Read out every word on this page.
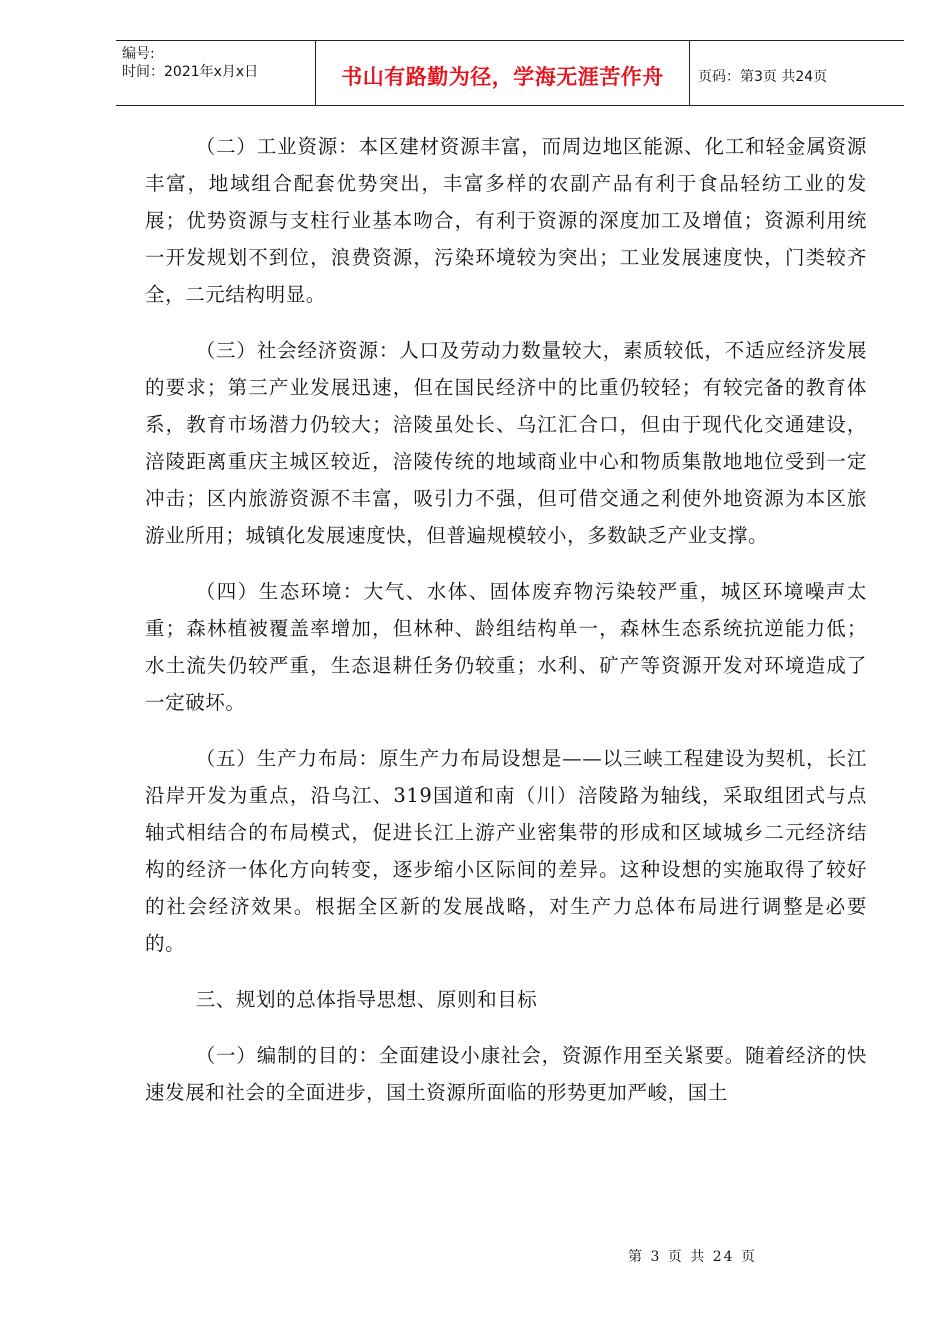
编号:
时间：2021年x月x日	书山有路勤为径，学海无涯苦作舟	页码：第3页 共24页

（二）工业资源：本区建材资源丰富，而周边地区能源、化工和轻金属资源丰富，地域组合配套优势突出，丰富多样的农副产品有利于食品轻纺工业的发展；优势资源与支柱行业基本吻合，有利于资源的深度加工及增值；资源利用统一开发规划不到位，浪费资源，污染环境较为突出；工业发展速度快，门类较齐全，二元结构明显。

（三）社会经济资源：人口及劳动力数量较大，素质较低，不适应经济发展的要求；第三产业发展迅速，但在国民经济中的比重仍较轻；有较完备的教育体系，教育市场潜力仍较大；涪陵虽处长、乌江汇合口，但由于现代化交通建设，涪陵距离重庆主城区较近，涪陵传统的地域商业中心和物质集散地地位受到一定冲击；区内旅游资源不丰富，吸引力不强，但可借交通之利使外地资源为本区旅游业所用；城镇化发展速度快，但普遍规模较小，多数缺乏产业支撑。

（四）生态环境：大气、水体、固体废弃物污染较严重，城区环境噪声太重；森林植被覆盖率增加，但林种、龄组结构单一，森林生态系统抗逆能力低；水土流失仍较严重，生态退耕任务仍较重；水利、矿产等资源开发对环境造成了一定破坏。

（五）生产力布局：原生产力布局设想是——以三峡工程建设为契机，长江沿岸开发为重点，沿乌江、319国道和南（川）涪陵路为轴线，采取组团式与点轴式相结合的布局模式，促进长江上游产业密集带的形成和区域城乡二元经济结构的经济一体化方向转变，逐步缩小区际间的差异。这种设想的实施取得了较好的社会经济效果。根据全区新的发展战略，对生产力总体布局进行调整是必要的。

三、规划的总体指导思想、原则和目标

（一）编制的目的：全面建设小康社会，资源作用至关紧要。随着经济的快速发展和社会的全面进步，国土资源所面临的形势更加严峻，国土

第 3 页 共 24 页
